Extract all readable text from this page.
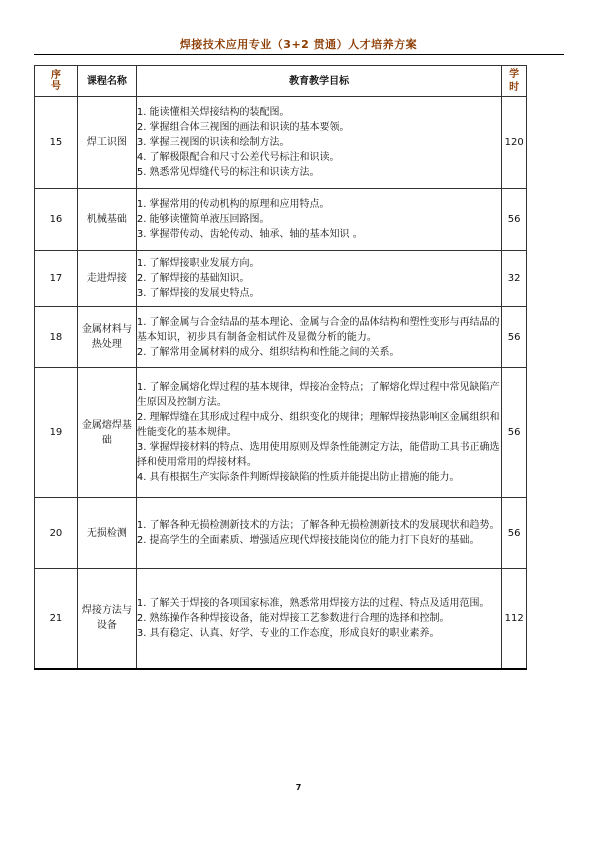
焊接技术应用专业（3+2 贯通）人才培养方案
序
号	课程名称	教育教学目标	学
时

15	焊工识图	1. 能读懂相关焊接结构的装配图。
2. 掌握组合体三视图的画法和识读的基本要领。
3. 掌握三视图的识读和绘制方法。
4. 了解极限配合和尺寸公差代号标注和识读。
5. 熟悉常见焊缝代号的标注和识读方法。	120
16	机械基础	1. 掌握常用的传动机构的原理和应用特点。
2. 能够读懂简单液压回路图。
3. 掌握带传动、齿轮传动、轴承、轴的基本知识 。	56
17	走进焊接	1. 了解焊接职业发展方向。
2. 了解焊接的基础知识。
3. 了解焊接的发展史特点。	32
18	金属材料与热处理	1. 了解金属与合金结晶的基本理论、金属与合金的晶体结构和塑性变形与再结晶的基本知识，初步具有制备金相试件及显微分析的能力。
2. 了解常用金属材料的成分、组织结构和性能之间的关系。	56
19	金属熔焊基础	1. 了解金属熔化焊过程的基本规律，焊接冶金特点；了解熔化焊过程中常见缺陷产生原因及控制方法。
2. 理解焊缝在其形成过程中成分、组织变化的规律；理解焊接热影响区金属组织和性能变化的基本规律。
3. 掌握焊接材料的特点、选用使用原则及焊条性能测定方法，能借助工具书正确选择和使用常用的焊接材料。
4. 具有根据生产实际条件判断焊接缺陷的性质并能提出防止措施的能力。	56
20	无损检测	1. 了解各种无损检测新技术的方法；了解各种无损检测新技术的发展现状和趋势。
2. 提高学生的全面素质、增强适应现代焊接技能岗位的能力打下良好的基础。	56
21	焊接方法与设备	1. 了解关于焊接的各项国家标准，熟悉常用焊接方法的过程、特点及适用范围。
2. 熟练操作各种焊接设备，能对焊接工艺参数进行合理的选择和控制。
3. 具有稳定、认真、好学、专业的工作态度，形成良好的职业素养。	112
7
